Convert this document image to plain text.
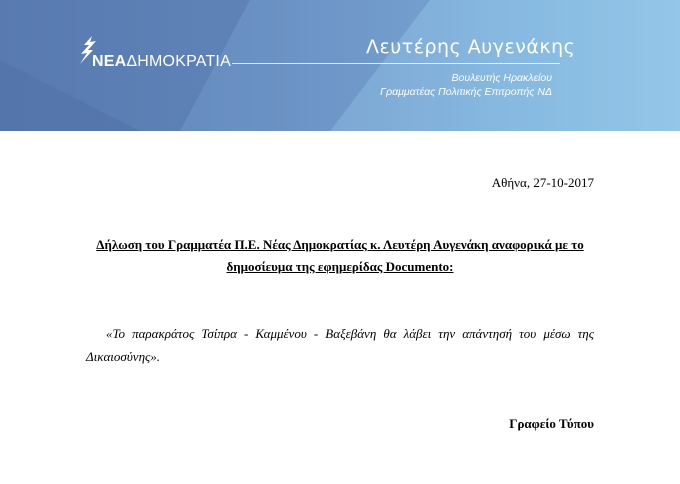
ΝΕΑΔΗΜΟΚΡΑΤΙΑ
Λευτέρης Αυγενάκης
Βουλευτής Ηρακλείου
Γραμματέας Πολιτικής Επιτροπής ΝΔ
Αθήνα, 27-10-2017
Δήλωση του Γραμματέα Π.Ε. Νέας Δημοκρατίας κ. Λευτέρη Αυγενάκη αναφορικά με το δημοσίευμα της εφημερίδας Documento:
«Το παρακράτος Τσίπρα - Καμμένου - Βαξεβάνη θα λάβει την απάντησή του μέσω της Δικαιοσύνης».
Γραφείο Τύπου
